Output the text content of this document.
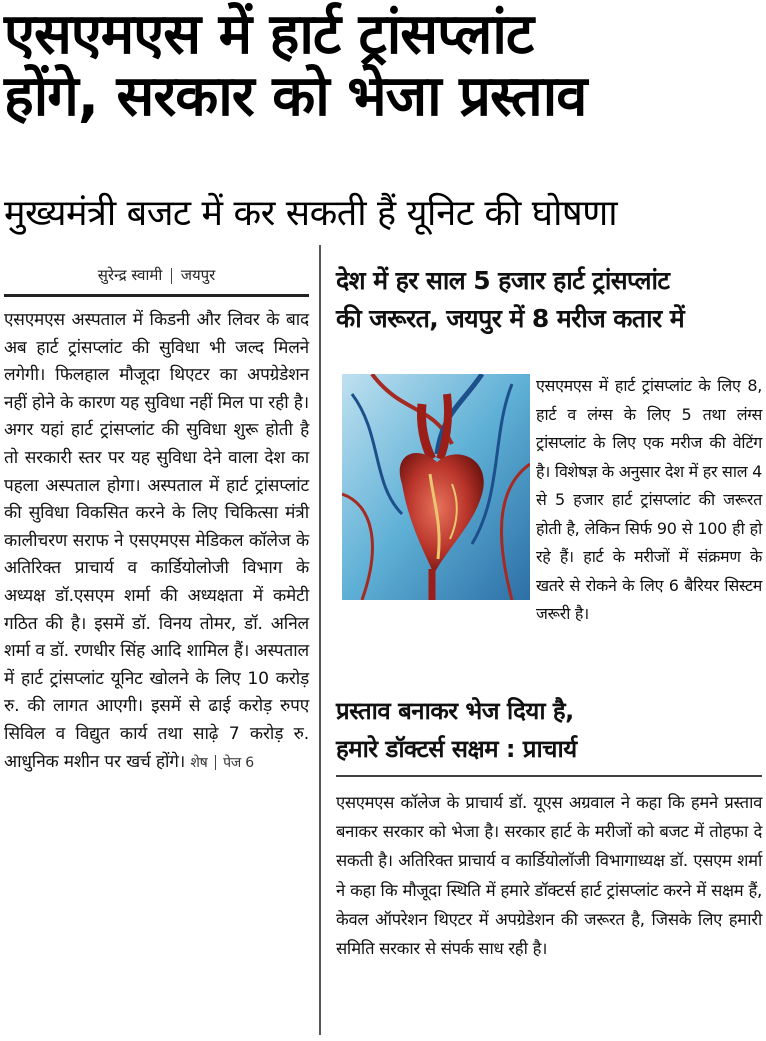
एसएमएस में हार्ट ट्रांसप्लांट
होंगे, सरकार को भेजा प्रस्ताव
मुख्यमंत्री बजट में कर सकती हैं यूनिट की घोषणा
सुरेन्द्र स्वामी जयपुर
एसएमएस अस्पताल में किडनी और लिवर के बाद अब हार्ट ट्रांसप्लांट की सुविधा भी जल्द मिलने लगेगी। फिलहाल मौजूदा थिएटर का अपग्रेडेशन नहीं होने के कारण यह सुविधा नहीं मिल पा रही है। अगर यहां हार्ट ट्रांसप्लांट की सुविधा शुरू होती है तो सरकारी स्तर पर यह सुविधा देने वाला देश का पहला अस्पताल होगा। अस्पताल में हार्ट ट्रांसप्लांट की सुविधा विकसित करने के लिए चिकित्सा मंत्री कालीचरण सराफ ने एसएमएस मेडिकल कॉलेज के अतिरिक्त प्राचार्य व कार्डियोलोजी विभाग के अध्यक्ष डॉ.एसएम शर्मा की अध्यक्षता में कमेटी गठित की है। इसमें डॉ. विनय तोमर, डॉ. अनिल शर्मा व डॉ. रणधीर सिंह आदि शामिल हैं। अस्पताल में हार्ट ट्रांसप्लांट यूनिट खोलने के लिए 10 करोड़ रु. की लागत आएगी। इसमें से ढाई करोड़ रुपए सिविल व विद्युत कार्य तथा साढ़े 7 करोड़ रु. आधुनिक मशीन पर खर्च होंगे। शेष पेज 6
देश में हर साल 5 हजार हार्ट ट्रांसप्लांट
की जरूरत, जयपुर में 8 मरीज कतार में
एसएमएस में हार्ट ट्रांसप्लांट के लिए 8, हार्ट व लंग्स के लिए 5 तथा लंग्स ट्रांसप्लांट के लिए एक मरीज की वेटिंग है। विशेषज्ञ के अनुसार देश में हर साल 4 से 5 हजार हार्ट ट्रांसप्लांट की जरूरत होती है, लेकिन सिर्फ 90 से 100 ही हो रहे हैं। हार्ट के मरीजों में संक्रमण के खतरे से रोकने के लिए 6 बैरियर सिस्टम जरूरी है।
प्रस्ताव बनाकर भेज दिया है,
हमारे डॉक्टर्स सक्षम : प्राचार्य
एसएमएस कॉलेज के प्राचार्य डॉ. यूएस अग्रवाल ने कहा कि हमने प्रस्ताव बनाकर सरकार को भेजा है। सरकार हार्ट के मरीजों को बजट में तोहफा दे सकती है। अतिरिक्त प्राचार्य व कार्डियोलॉजी विभागाध्यक्ष डॉ. एसएम शर्मा ने कहा कि मौजूदा स्थिति में हमारे डॉक्टर्स हार्ट ट्रांसप्लांट करने में सक्षम हैं, केवल ऑपरेशन थिएटर में अपग्रेडेशन की जरूरत है, जिसके लिए हमारी समिति सरकार से संपर्क साध रही है।
